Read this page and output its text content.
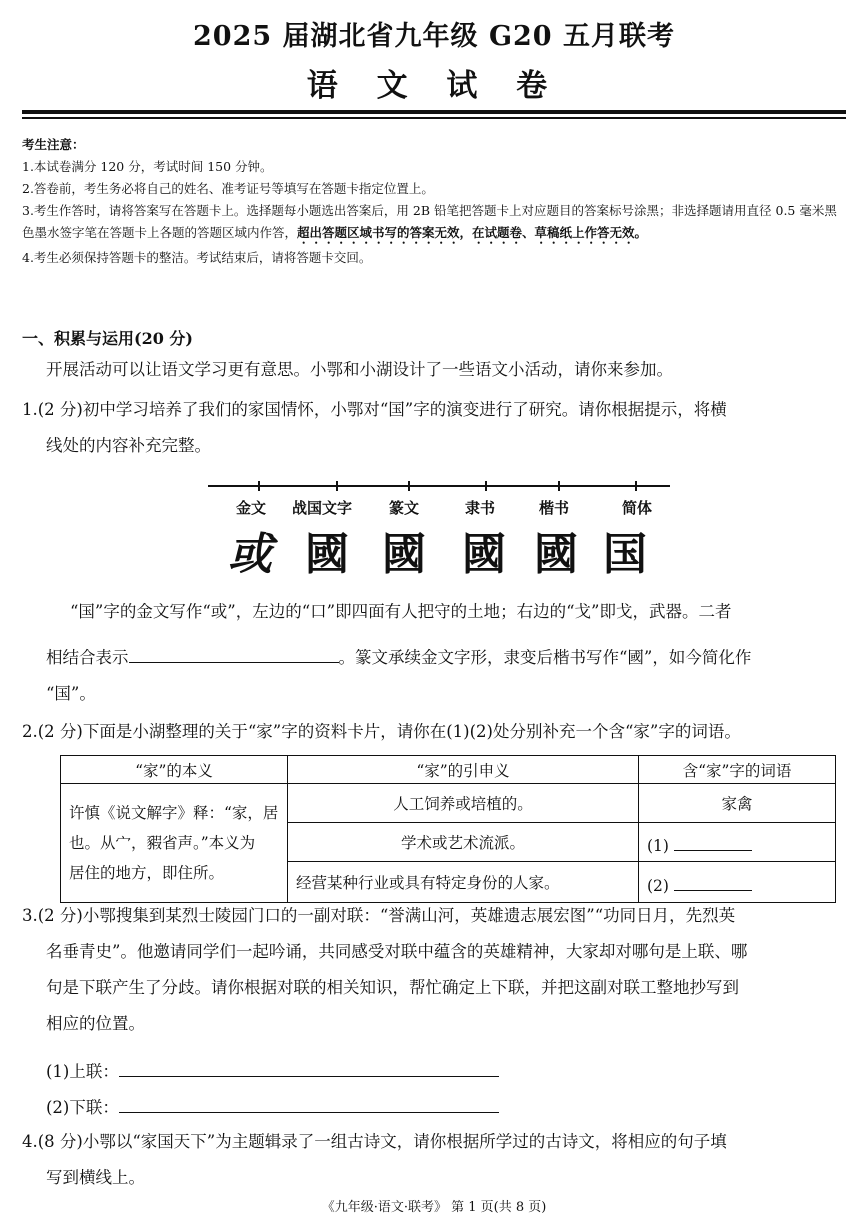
2025 届湖北省九年级 G20 五月联考
语 文 试 卷
考生注意：
1.本试卷满分 120 分，考试时间 150 分钟。
2.答卷前，考生务必将自己的姓名、准考证号等填写在答题卡指定位置上。
3.考生作答时，请将答案写在答题卡上。选择题每小题选出答案后，用 2B 铅笔把答题卡上对应题目的答案标号涂黑；非选择题请用直径 0.5 毫米黑色墨水签字笔在答题卡上各题的答题区域内作答，超出答题区域书写的答案无效，在试题卷、草稿纸上作答无效。
4.考生必须保持答题卡的整洁。考试结束后，请将答题卡交回。
一、积累与运用(20 分)
开展活动可以让语文学习更有意思。小鄂和小湖设计了一些语文小活动，请你来参加。
1.(2 分)初中学习培养了我们的家国情怀，小鄂对“国”字的演变进行了研究。请你根据提示，将横
线处的内容补充完整。
金文 战国文字 篆文	隶书	楷书	简体
或 國 國 國 國 国
“国”字的金文写作“或”，左边的“口”即四面有人把守的土地；右边的“戈”即戈，武器。二者
相结合表示	。篆文承续金文字形，隶变后楷书写作“國”，如今简化作
“国”。
2.(2 分)下面是小湖整理的关于“家”字的资料卡片，请你在(1)(2)处分别补充一个含“家”字的词语。
“家”的本义	“家”的引申义	含“家”字的词语

许慎《说文解字》释：“家，居
也。从宀，豭省声。”本义为
居住的地方，即住所。	人工饲养或培植的。	家禽
	学术或艺术流派。	(1)
	经营某种行业或具有特定身份的人家。	(2)
3.(2 分)小鄂搜集到某烈士陵园门口的一副对联：“誉满山河，英雄遗志展宏图”“功同日月，先烈英
名垂青史”。他邀请同学们一起吟诵，共同感受对联中蕴含的英雄精神，大家却对哪句是上联、哪
句是下联产生了分歧。请你根据对联的相关知识，帮忙确定上下联，并把这副对联工整地抄写到
相应的位置。
(1)上联：
(2)下联：
4.(8 分)小鄂以“家国天下”为主题辑录了一组古诗文，请你根据所学过的古诗文，将相应的句子填
写到横线上。
《九年级·语文·联考》 第 1 页(共 8 页)
